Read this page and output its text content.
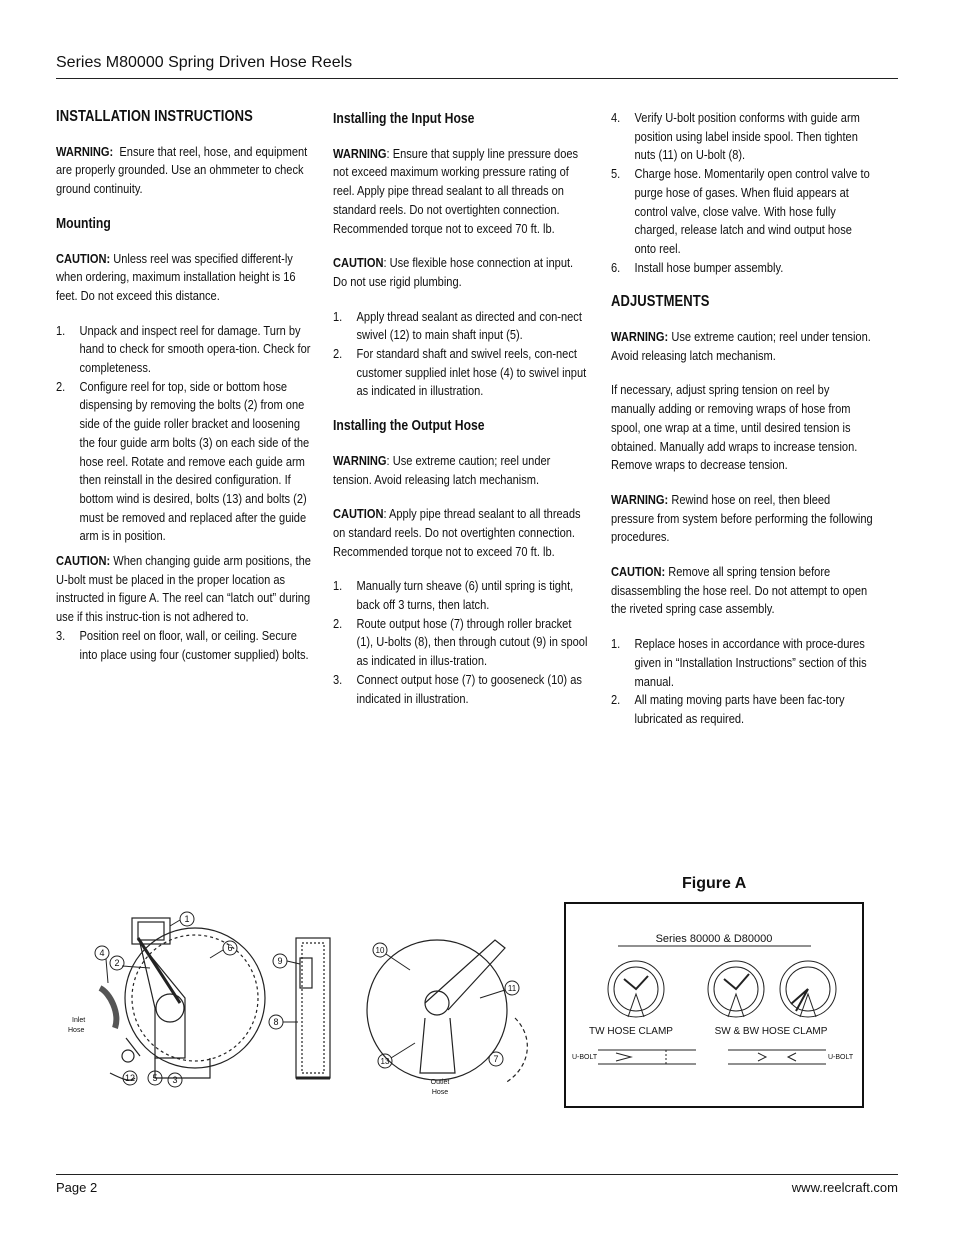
Series M80000 Spring Driven Hose Reels

INSTALLATION INSTRUCTIONS

WARNING: Ensure that reel, hose, and equipment are properly grounded. Use an ohmmeter to check ground continuity.

Mounting

CAUTION: Unless reel was specified different-ly when ordering, maximum installation height is 16 feet. Do not exceed this distance.

1. Unpack and inspect reel for damage. Turn by hand to check for smooth opera-tion. Check for completeness.
2. Configure reel for top, side or bottom hose dispensing by removing the bolts (2) from one side of the guide roller bracket and loosening the four guide arm bolts (3) on each side of the hose reel. Rotate and remove each guide arm then reinstall in the desired configuration. If bottom wind is desired, bolts (13) and bolts (2) must be removed and replaced after the guide arm is in position.

CAUTION: When changing guide arm positions, the U-bolt must be placed in the proper location as instructed in figure A. The reel can “latch out” during use if this instruc-tion is not adhered to.

3. Position reel on floor, wall, or ceiling. Secure into place using four (customer supplied) bolts.

Installing the Input Hose

WARNING: Ensure that supply line pressure does not exceed maximum working pressure rating of reel. Apply pipe thread sealant to all threads on standard reels. Do not overtighten connection. Recommended torque not to exceed 70 ft. lb.

CAUTION: Use flexible hose connection at input. Do not use rigid plumbing.

1. Apply thread sealant as directed and con-nect swivel (12) to main shaft input (5).
2. For standard shaft and swivel reels, con-nect customer supplied inlet hose (4) to swivel input as indicated in illustration.

Installing the Output Hose

WARNING: Use extreme caution; reel under tension. Avoid releasing latch mechanism.

CAUTION: Apply pipe thread sealant to all threads on standard reels. Do not overtighten connection. Recommended torque not to exceed 70 ft. lb.

1. Manually turn sheave (6) until spring is tight, back off 3 turns, then latch.
2. Route output hose (7) through roller bracket (1), U-bolts (8), then through cutout (9) in spool as indicated in illus-tration.
3. Connect output hose (7) to gooseneck (10) as indicated in illustration.
4. Verify U-bolt position conforms with guide arm position using label inside spool. Then tighten nuts (11) on U-bolt (8).
5. Charge hose. Momentarily open control valve to purge hose of gases. When fluid appears at control valve, close valve. With hose fully charged, release latch and wind output hose onto reel.
6. Install hose bumper assembly.

ADJUSTMENTS

WARNING: Use extreme caution; reel under tension. Avoid releasing latch mechanism.

If necessary, adjust spring tension on reel by manually adding or removing wraps of hose from spool, one wrap at a time, until desired tension is obtained. Manually add wraps to increase tension. Remove wraps to decrease tension.

WARNING: Rewind hose on reel, then bleed pressure from system before performing the following procedures.

CAUTION: Remove all spring tension before disassembling the hose reel. Do not attempt to open the riveted spring case assembly.

1. Replace hoses in accordance with proce-dures given in “Installation Instructions” section of this manual.
2. All mating moving parts have been fac-tory lubricated as required.
1
2
3
4
5
6
12
Inlet
Hose
8
9
7
10
11
13
Outlet
Hose
Figure A
Series 80000 & D80000
TW HOSE CLAMP	SW & BW HOSE CLAMP
U-BOLT	U-BOLT
Page 2	www.reelcraft.com
